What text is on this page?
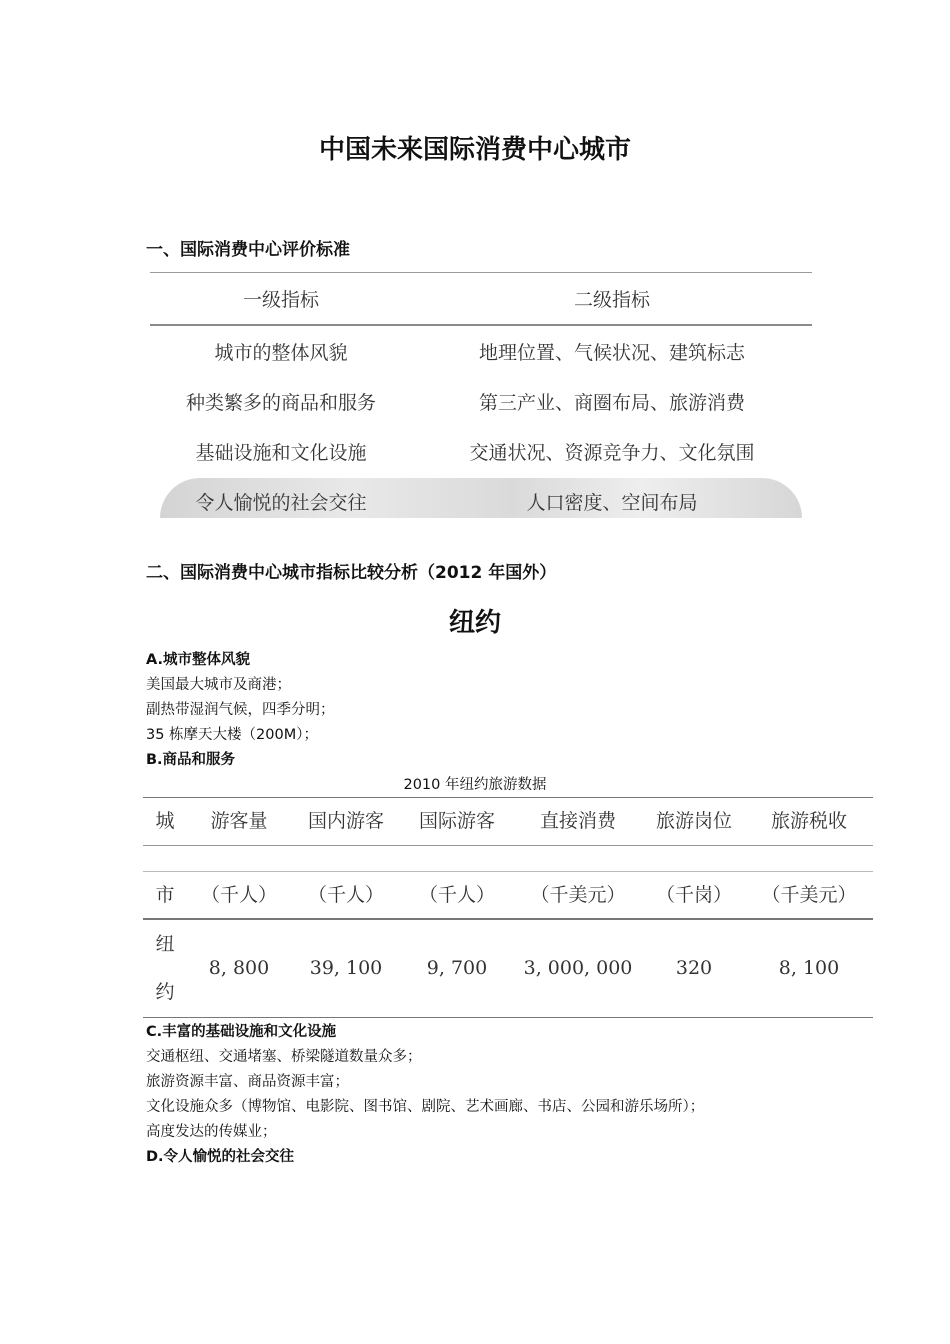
中国未来国际消费中心城市
一、国际消费中心评价标准
一级指标	二级指标
城市的整体风貌	地理位置、气候状况、建筑标志
种类繁多的商品和服务	第三产业、商圈布局、旅游消费
基础设施和文化设施	交通状况、资源竞争力、文化氛围
令人愉悦的社会交往	人口密度、空间布局
二、国际消费中心城市指标比较分析（2012 年国外）
纽约

A.城市整体风貌

美国最大城市及商港；

副热带湿润气候，四季分明；

35 栋摩天大楼（200M）；

B.商品和服务

2010 年纽约旅游数据

城	游客量	国内游客	国际游客	直接消费	旅游岗位	旅游税收
市	（千人）	（千人）	（千人）	（千美元）	（千岗）	（千美元）
纽
约
8, 800	39, 100	9, 700	3, 000, 000	320	8, 100

C.丰富的基础设施和文化设施

交通枢纽、交通堵塞、桥梁隧道数量众多；

旅游资源丰富、商品资源丰富；

文化设施众多（博物馆、电影院、图书馆、剧院、艺术画廊、书店、公园和游乐场所）；

高度发达的传媒业；

D.令人愉悦的社会交往
